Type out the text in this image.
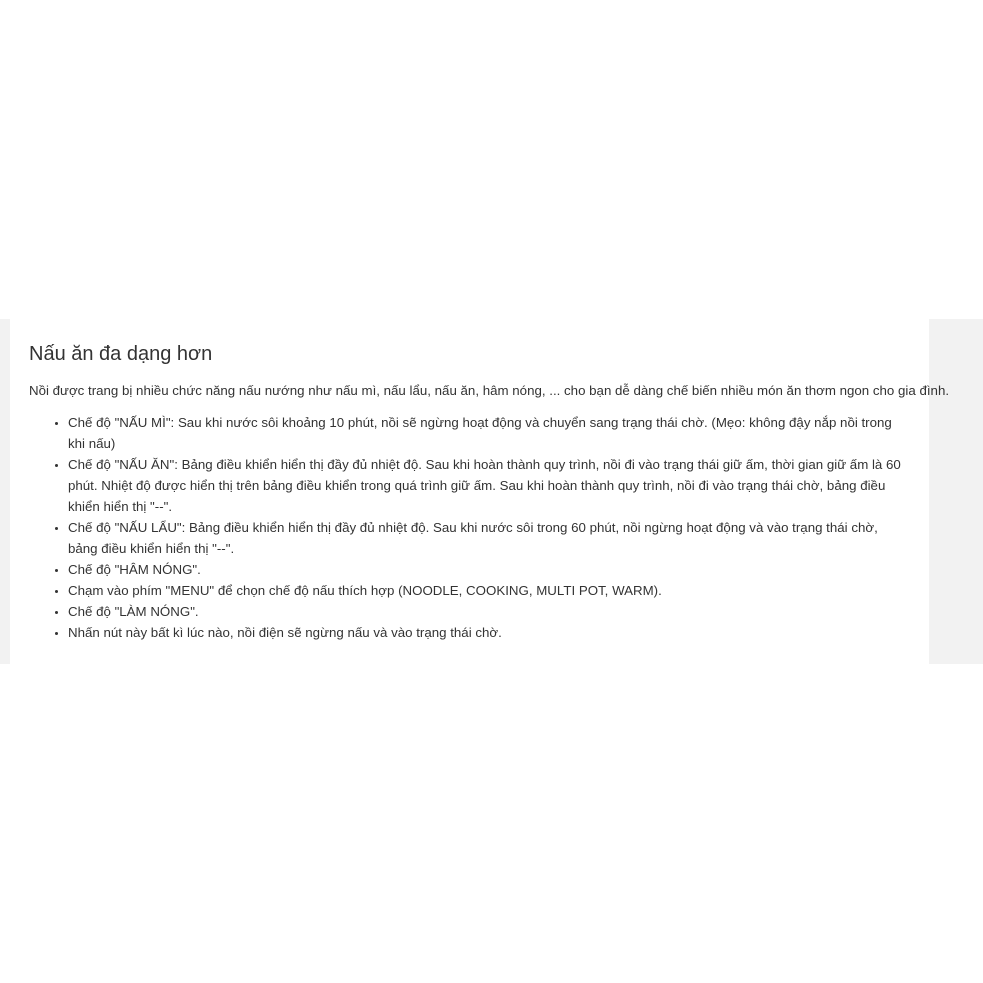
Nấu ăn đa dạng hơn

Nồi được trang bị nhiều chức năng nấu nướng như nấu mì, nấu lẩu, nấu ăn, hâm nóng, ... cho bạn dễ dàng chế biến nhiều món ăn thơm ngon cho gia đình.

• Chế độ "NẤU MÌ": Sau khi nước sôi khoảng 10 phút, nồi sẽ ngừng hoạt động và chuyển sang trạng thái chờ. (Mẹo: không đậy nắp nồi trong khi nấu)
• Chế độ "NẤU ĂN": Bảng điều khiển hiển thị đầy đủ nhiệt độ. Sau khi hoàn thành quy trình, nồi đi vào trạng thái giữ ấm, thời gian giữ ấm là 60 phút. Nhiệt độ được hiển thị trên bảng điều khiển trong quá trình giữ ấm. Sau khi hoàn thành quy trình, nồi đi vào trạng thái chờ, bảng điều khiển hiển thị "--".
• Chế độ "NẤU LẨU": Bảng điều khiển hiển thị đầy đủ nhiệt độ. Sau khi nước sôi trong 60 phút, nồi ngừng hoạt động và vào trạng thái chờ, bảng điều khiển hiển thị "--".
• Chế độ "HÂM NÓNG".
• Chạm vào phím "MENU" để chọn chế độ nấu thích hợp (NOODLE, COOKING, MULTI POT, WARM).
• Chế độ "LÀM NÓNG".
• Nhấn nút này bất kì lúc nào, nồi điện sẽ ngừng nấu và vào trạng thái chờ.
